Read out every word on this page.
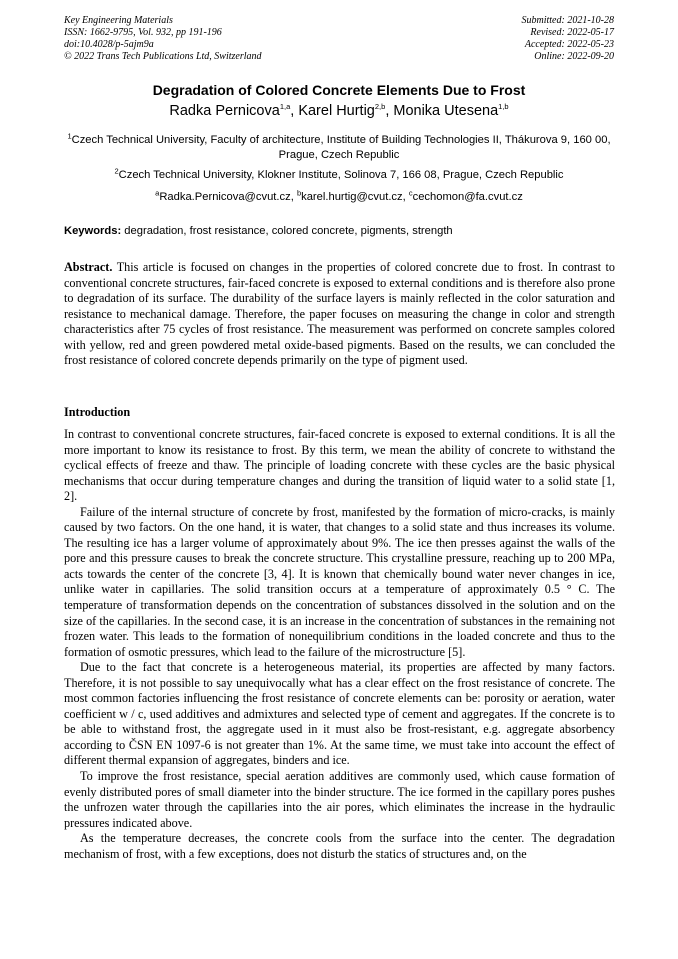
Key Engineering Materials
ISSN: 1662-9795, Vol. 932, pp 191-196
doi:10.4028/p-5ajm9a
© 2022 Trans Tech Publications Ltd, Switzerland
Submitted: 2021-10-28
Revised: 2022-05-17
Accepted: 2022-05-23
Online: 2022-09-20
Degradation of Colored Concrete Elements Due to Frost
Radka Pernicova$^{1,a}$, Karel Hurtig$^{2,b}$, Monika Utesena$^{1,b}$
$^1$Czech Technical University, Faculty of architecture, Institute of Building Technologies II, Thákurova 9, 160 00, Prague, Czech Republic
$^2$Czech Technical University, Klokner Institute, Solinova 7, 166 08, Prague, Czech Republic
$^a$Radka.Pernicova@cvut.cz, $^b$karel.hurtig@cvut.cz, $^c$cechomon@fa.cvut.cz
Keywords: degradation, frost resistance, colored concrete, pigments, strength

Abstract. This article is focused on changes in the properties of colored concrete due to frost. In contrast to conventional concrete structures, fair-faced concrete is exposed to external conditions and is therefore also prone to degradation of its surface. The durability of the surface layers is mainly reflected in the color saturation and resistance to mechanical damage. Therefore, the paper focuses on measuring the change in color and strength characteristics after 75 cycles of frost resistance. The measurement was performed on concrete samples colored with yellow, red and green powdered metal oxide-based pigments. Based on the results, we can concluded the frost resistance of colored concrete depends primarily on the type of pigment used.

Introduction

In contrast to conventional concrete structures, fair-faced concrete is exposed to external conditions. It is all the more important to know its resistance to frost. By this term, we mean the ability of concrete to withstand the cyclical effects of freeze and thaw. The principle of loading concrete with these cycles are the basic physical mechanisms that occur during temperature changes and during the transition of liquid water to a solid state [1, 2].

Failure of the internal structure of concrete by frost, manifested by the formation of micro-cracks, is mainly caused by two factors. On the one hand, it is water, that changes to a solid state and thus increases its volume. The resulting ice has a larger volume of approximately about 9%. The ice then presses against the walls of the pore and this pressure causes to break the concrete structure. This crystalline pressure, reaching up to 200 MPa, acts towards the center of the concrete [3, 4]. It is known that chemically bound water never changes in ice, unlike water in capillaries. The solid transition occurs at a temperature of approximately 0.5 ° C. The temperature of transformation depends on the concentration of substances dissolved in the solution and on the size of the capillaries. In the second case, it is an increase in the concentration of substances in the remaining not frozen water. This leads to the formation of nonequilibrium conditions in the loaded concrete and thus to the formation of osmotic pressures, which lead to the failure of the microstructure [5].

Due to the fact that concrete is a heterogeneous material, its properties are affected by many factors. Therefore, it is not possible to say unequivocally what has a clear effect on the frost resistance of concrete. The most common factories influencing the frost resistance of concrete elements can be: porosity or aeration, water coefficient w / c, used additives and admixtures and selected type of cement and aggregates. If the concrete is to be able to withstand frost, the aggregate used in it must also be frost-resistant, e.g. aggregate absorbency according to ČSN EN 1097-6 is not greater than 1%. At the same time, we must take into account the effect of different thermal expansion of aggregates, binders and ice.

To improve the frost resistance, special aeration additives are commonly used, which cause formation of evenly distributed pores of small diameter into the binder structure. The ice formed in the capillary pores pushes the unfrozen water through the capillaries into the air pores, which eliminates the increase in the hydraulic pressures indicated above.

As the temperature decreases, the concrete cools from the surface into the center. The degradation mechanism of frost, with a few exceptions, does not disturb the statics of structures and, on the
